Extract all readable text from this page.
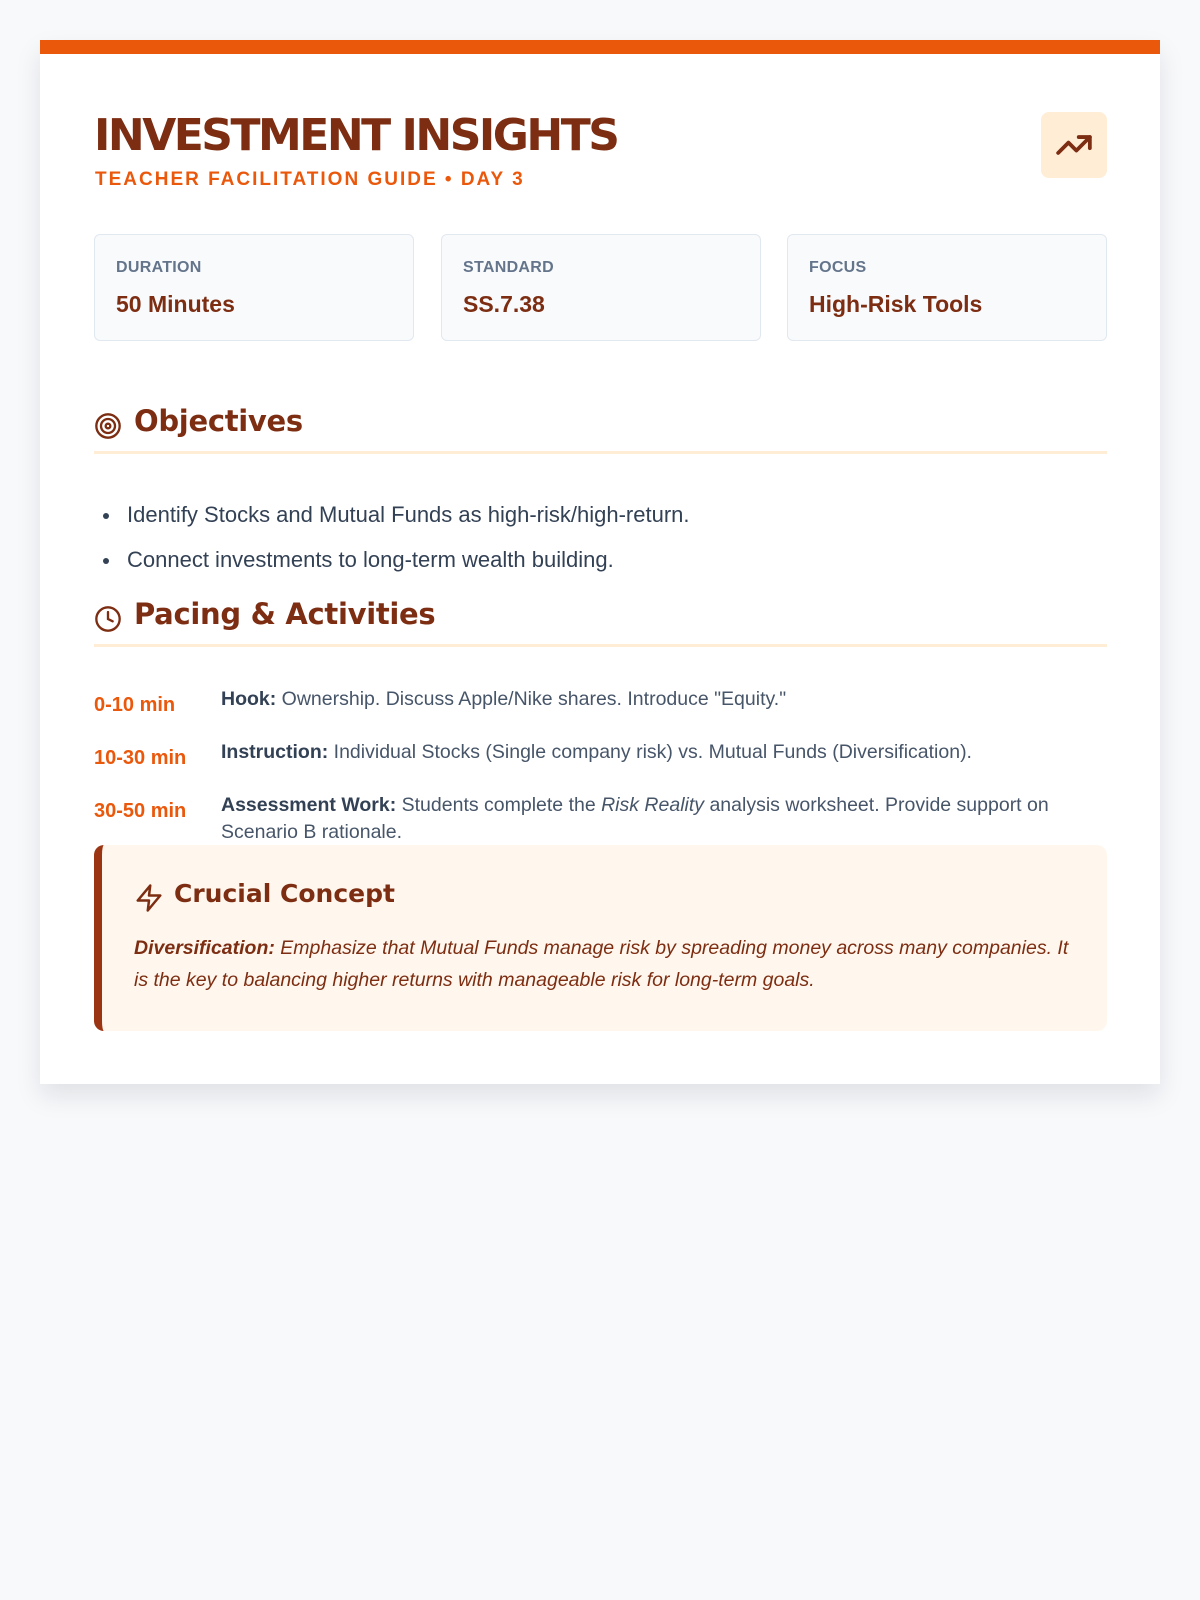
INVESTMENT INSIGHTS
TEACHER FACILITATION GUIDE • DAY 3
DURATION
50 Minutes
STANDARD
SS.7.38
FOCUS
High-Risk Tools
Objectives
Identify Stocks and Mutual Funds as high-risk/high-return.
Connect investments to long-term wealth building.
Pacing & Activities
0-10 min Hook: Ownership. Discuss Apple/Nike shares. Introduce "Equity."
10-30 min Instruction: Individual Stocks (Single company risk) vs. Mutual Funds (Diversification).
30-50 min Assessment Work: Students complete the Risk Reality analysis worksheet. Provide support on Scenario B rationale.
Crucial Concept
Diversification: Emphasize that Mutual Funds manage risk by spreading money across many companies. It is the key to balancing higher returns with manageable risk for long-term goals.
